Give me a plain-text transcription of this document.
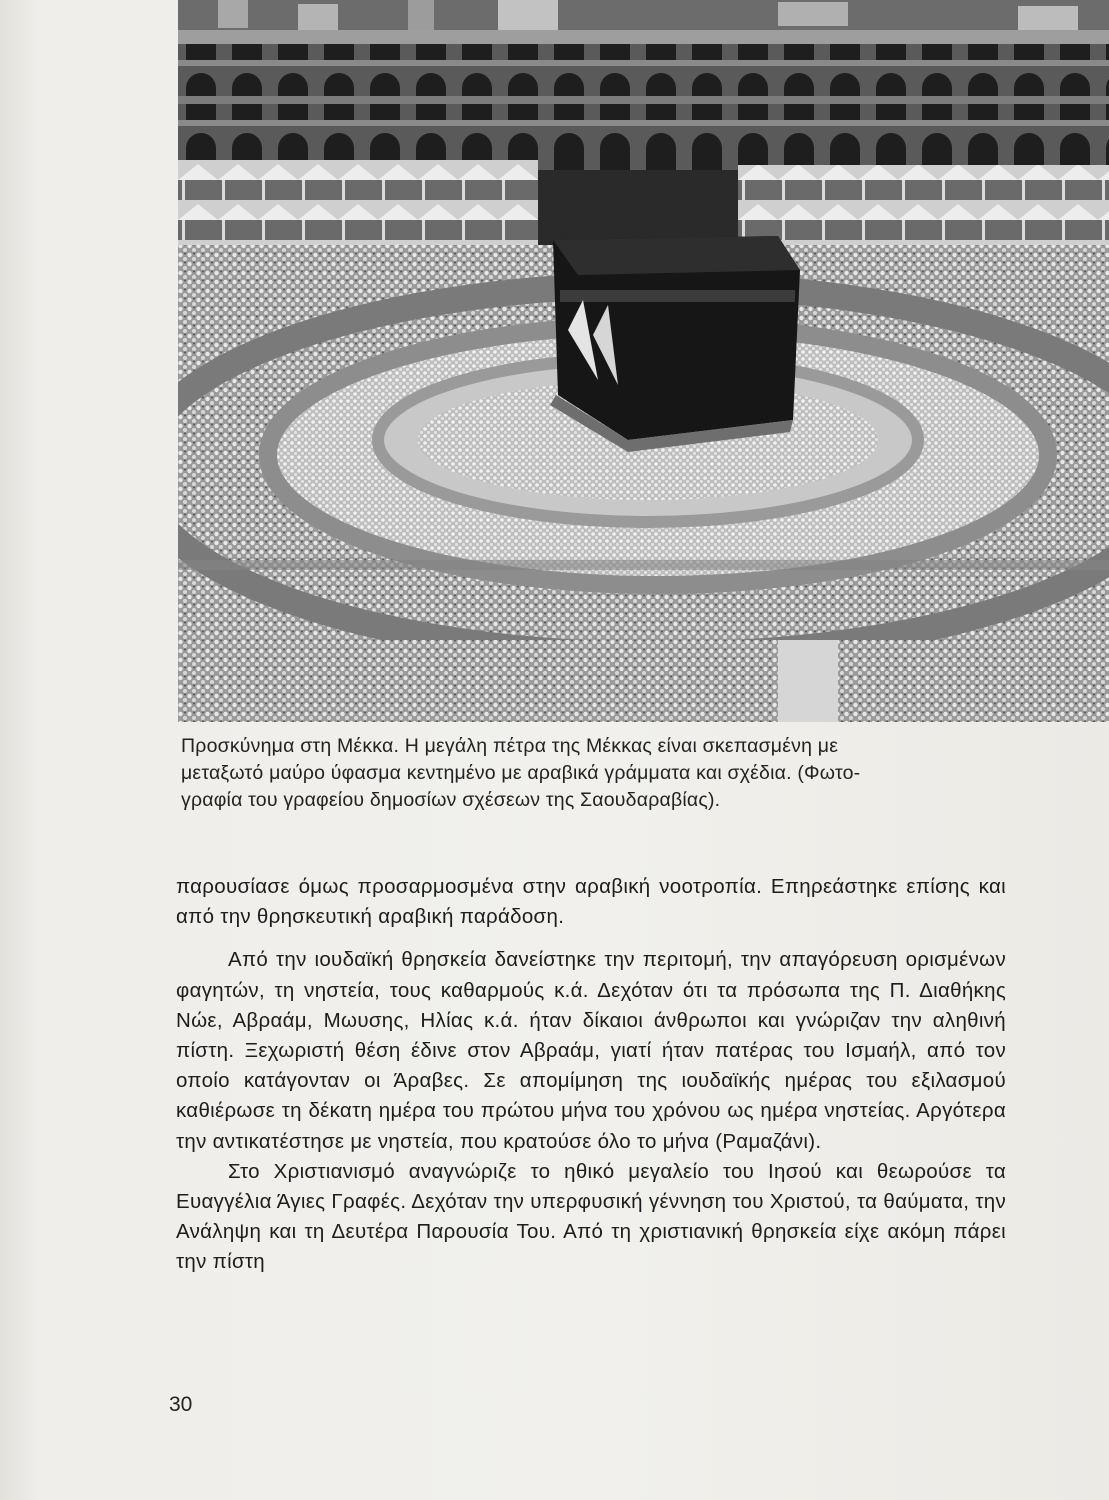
Προσκύνημα στη Μέκκα. Η μεγάλη πέτρα της Μέκκας είναι σκεπασμένη με

μεταξωτό μαύρο ύφασμα κεντημένο με αραβικά γράμματα και σχέδια. (Φωτο-

γραφία του γραφείου δημοσίων σχέσεων της Σαουδαραβίας).

παρουσίασε όμως προσαρμοσμένα στην αραβική νοοτροπία. Επηρεάστηκε επίσης και από την θρησκευτική αραβική παράδοση.

Από την ιουδαϊκή θρησκεία δανείστηκε την περιτομή, την απαγόρευση ορισμένων φαγητών, τη νηστεία, τους καθαρμούς κ.ά. Δεχόταν ότι τα πρόσωπα της Π. Διαθήκης Νώε, Αβραάμ, Μωυσης, Ηλίας κ.ά. ήταν δίκαιοι άνθρωποι και γνώριζαν την αληθινή πίστη. Ξεχωριστή θέση έδινε στον Αβραάμ, γιατί ήταν πατέρας του Ισμαήλ, από τον οποίο κατάγονταν οι Άραβες. Σε απομίμηση της ιουδαϊκής ημέρας του εξιλασμού καθιέρωσε τη δέκατη ημέρα του πρώτου μήνα του χρόνου ως ημέρα νηστείας. Αργότερα την αντικατέστησε με νηστεία, που κρατούσε όλο το μήνα (Ραμαζάνι).

Στο Χριστιανισμό αναγνώριζε το ηθικό μεγαλείο του Ιησού και θεωρούσε τα Ευαγγέλια Άγιες Γραφές. Δεχόταν την υπερφυσική γέννηση του Χριστού, τα θαύματα, την Ανάληψη και τη Δευτέρα Παρουσία Του. Από τη χριστιανική θρησκεία είχε ακόμη πάρει την πίστη

30
